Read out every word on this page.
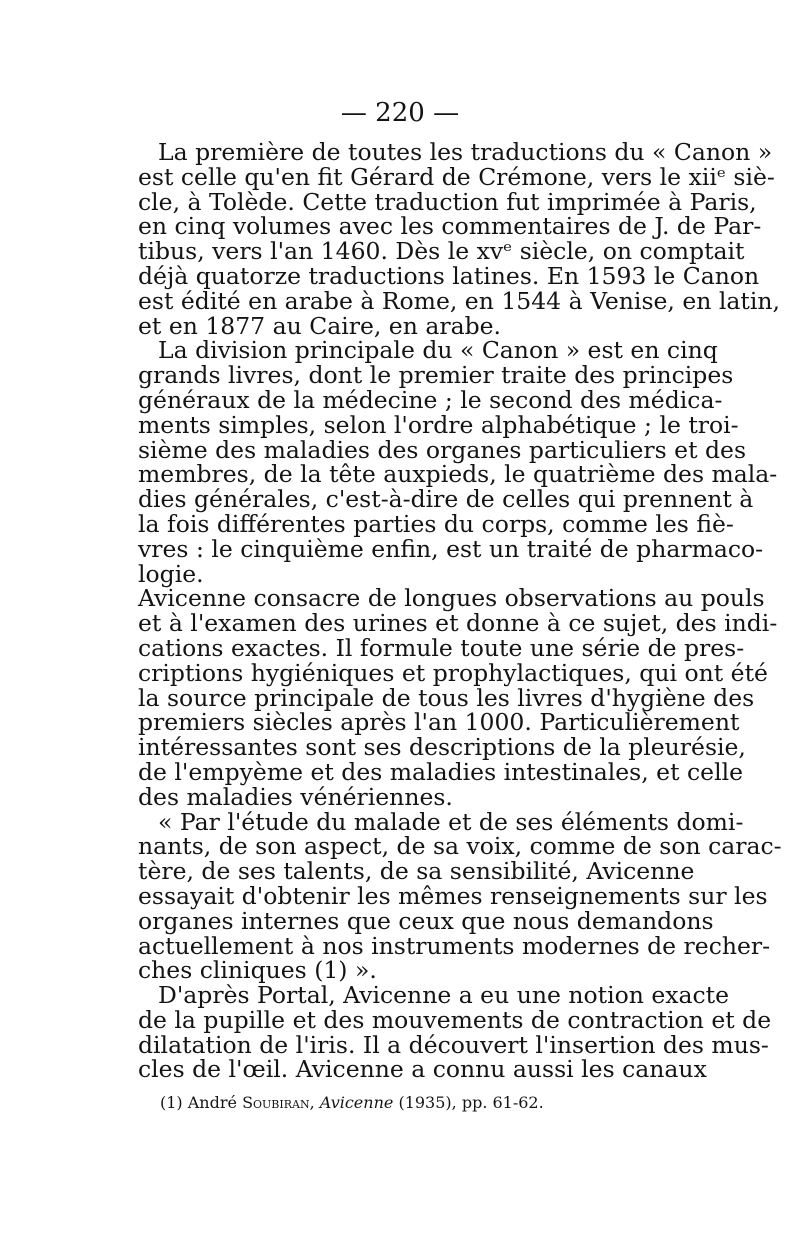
— 220 —
La première de toutes les traductions du « Canon »
est celle qu'en fit Gérard de Crémone, vers le xiiᵉ siè-
cle, à Tolède. Cette traduction fut imprimée à Paris,
en cinq volumes avec les commentaires de J. de Par-
tibus, vers l'an 1460. Dès le xvᵉ siècle, on comptait
déjà quatorze traductions latines. En 1593 le Canon
est édité en arabe à Rome, en 1544 à Venise, en latin,
et en 1877 au Caire, en arabe.
La division principale du « Canon » est en cinq
grands livres, dont le premier traite des principes
généraux de la médecine ; le second des médica-
ments simples, selon l'ordre alphabétique ; le troi-
sième des maladies des organes particuliers et des
membres, de la tête auxpieds, le quatrième des mala-
dies générales, c'est-à-dire de celles qui prennent à
la fois différentes parties du corps, comme les fiè-
vres : le cinquième enfin, est un traité de pharmaco-
logie.
Avicenne consacre de longues observations au pouls
et à l'examen des urines et donne à ce sujet, des indi-
cations exactes. Il formule toute une série de pres-
criptions hygiéniques et prophylactiques, qui ont été
la source principale de tous les livres d'hygiène des
premiers siècles après l'an 1000. Particulièrement
intéressantes sont ses descriptions de la pleurésie,
de l'empyème et des maladies intestinales, et celle
des maladies vénériennes.
« Par l'étude du malade et de ses éléments domi-
nants, de son aspect, de sa voix, comme de son carac-
tère, de ses talents, de sa sensibilité, Avicenne
essayait d'obtenir les mêmes renseignements sur les
organes internes que ceux que nous demandons
actuellement à nos instruments modernes de recher-
ches cliniques (1) ».
D'après Portal, Avicenne a eu une notion exacte
de la pupille et des mouvements de contraction et de
dilatation de l'iris. Il a découvert l'insertion des mus-
cles de l'œil. Avicenne a connu aussi les canaux
(1) André Soubiran, Avicenne (1935), pp. 61-62.
